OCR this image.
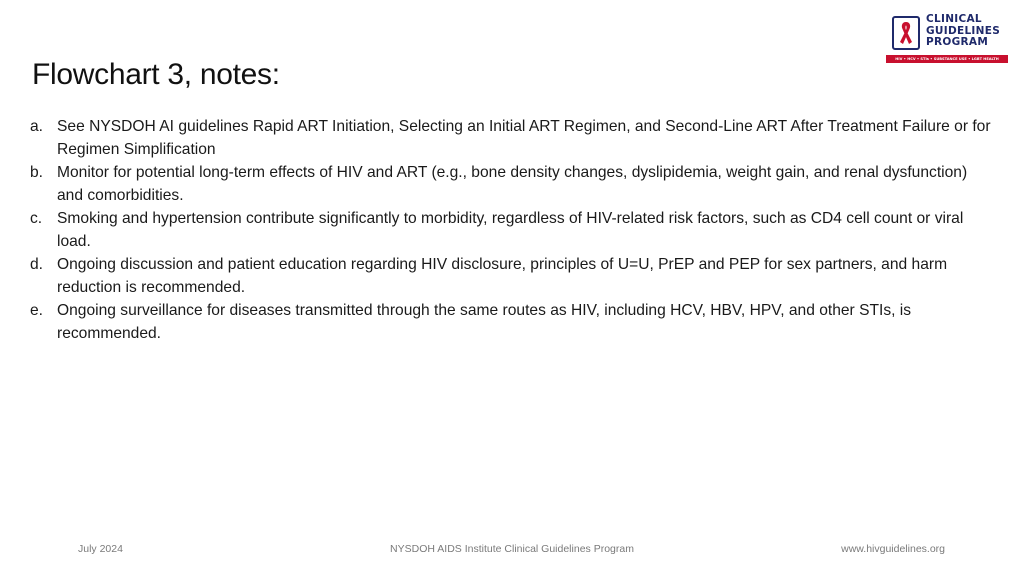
CLINICAL
GUIDELINES
PROGRAM
HIV • HCV • STIs • SUBSTANCE USE • LGBT HEALTH
Flowchart 3, notes:
a. See NYSDOH AI guidelines Rapid ART Initiation, Selecting an Initial ART Regimen, and Second-Line ART After Treatment Failure or for Regimen Simplification
b. Monitor for potential long-term effects of HIV and ART (e.g., bone density changes, dyslipidemia, weight gain, and renal dysfunction) and comorbidities.
c. Smoking and hypertension contribute significantly to morbidity, regardless of HIV-related risk factors, such as CD4 cell count or viral load.
d. Ongoing discussion and patient education regarding HIV disclosure, principles of U=U, PrEP and PEP for sex partners, and harm reduction is recommended.
e. Ongoing surveillance for diseases transmitted through the same routes as HIV, including HCV, HBV, HPV, and other STIs, is recommended.
NYSDOH AIDS Institute Clinical Guidelines Program
July 2024	www.hivguidelines.org
